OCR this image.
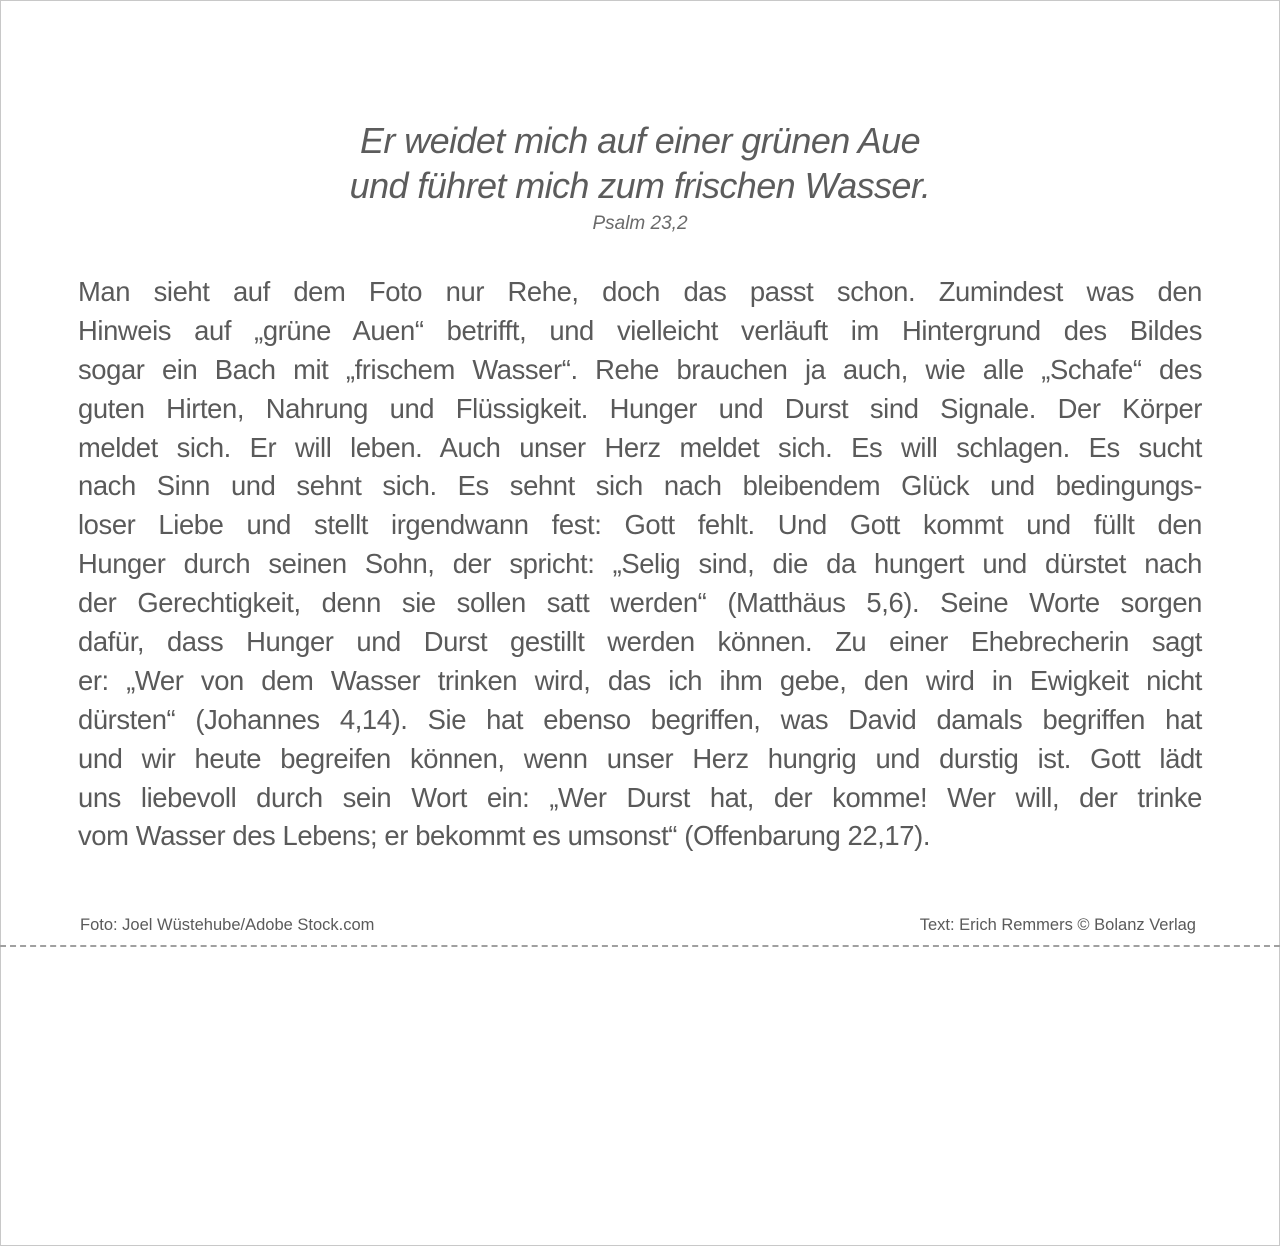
Er weidet mich auf einer grünen Aue
und führet mich zum frischen Wasser.
Psalm 23,2
Man sieht auf dem Foto nur Rehe, doch das passt schon. Zumindest was den
Hinweis auf „grüne Auen“ betrifft, und vielleicht verläuft im Hintergrund des Bildes
sogar ein Bach mit „frischem Wasser“. Rehe brauchen ja auch, wie alle „Schafe“ des
guten Hirten, Nahrung und Flüssigkeit. Hunger und Durst sind Signale. Der Körper
meldet sich. Er will leben. Auch unser Herz meldet sich. Es will schlagen. Es sucht
nach Sinn und sehnt sich. Es sehnt sich nach bleibendem Glück und bedingungs-
loser Liebe und stellt irgendwann fest: Gott fehlt. Und Gott kommt und füllt den
Hunger durch seinen Sohn, der spricht: „Selig sind, die da hungert und dürstet nach
der Gerechtigkeit, denn sie sollen satt werden“ (Matthäus 5,6). Seine Worte sorgen
dafür, dass Hunger und Durst gestillt werden können. Zu einer Ehebrecherin sagt
er: „Wer von dem Wasser trinken wird, das ich ihm gebe, den wird in Ewigkeit nicht
dürsten“ (Johannes 4,14). Sie hat ebenso begriffen, was David damals begriffen hat
und wir heute begreifen können, wenn unser Herz hungrig und durstig ist. Gott lädt
uns liebevoll durch sein Wort ein: „Wer Durst hat, der komme! Wer will, der trinke
vom Wasser des Lebens; er bekommt es umsonst“ (Offenbarung 22,17).
Foto: Joel Wüstehube/Adobe Stock.com	Text: Erich Remmers © Bolanz Verlag
